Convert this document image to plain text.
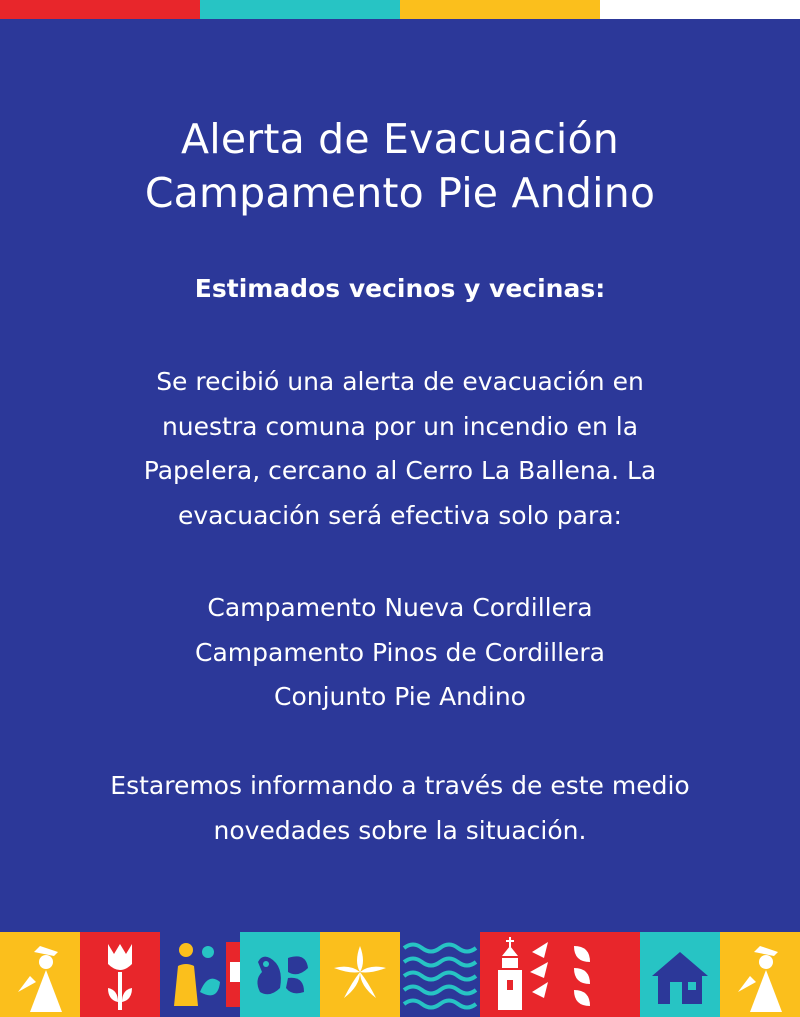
Alerta de Evacuación
Campamento Pie Andino
Estimados vecinos y vecinas:
Se recibió una alerta de evacuación en
nuestra comuna por un incendio en la
Papelera, cercano al Cerro La Ballena. La
evacuación será efectiva solo para:
Campamento Nueva Cordillera
Campamento Pinos de Cordillera
Conjunto Pie Andino
Estaremos informando a través de este medio
novedades sobre la situación.
